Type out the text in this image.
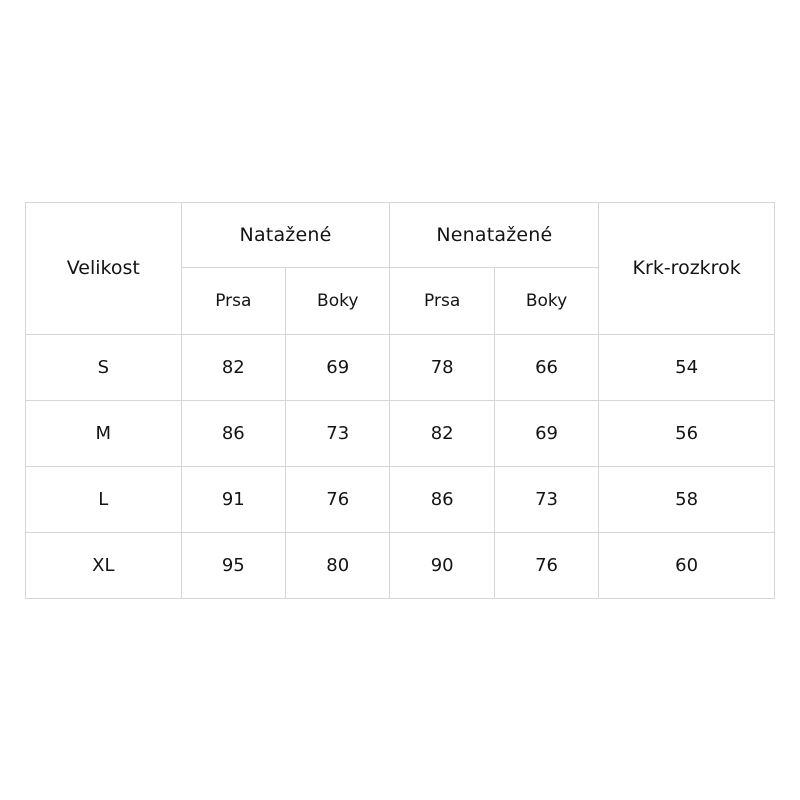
Velikost	Natažené		Nenatažené		Krk-rozkrok
	Prsa	Boky	Prsa	Boky	
S	82	69	78	66	54
M	86	73	82	69	56
L	91	76	86	73	58
XL	95	80	90	76	60
